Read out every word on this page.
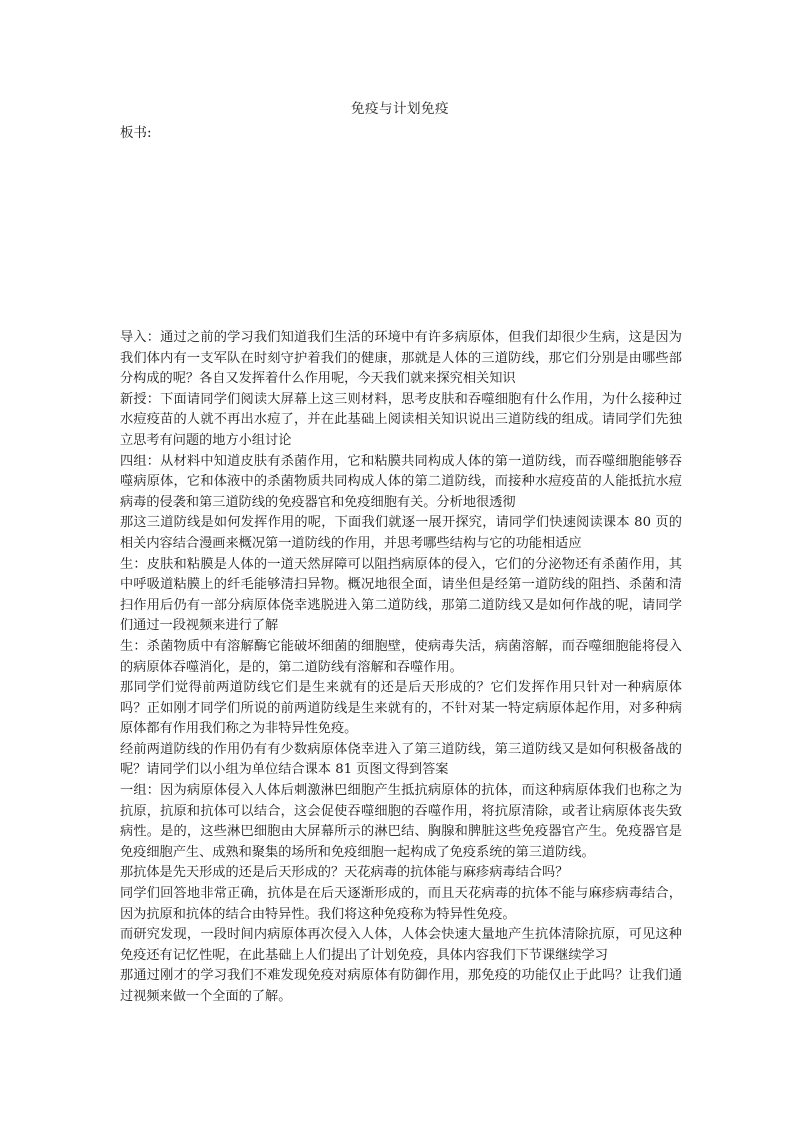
免疫与计划免疫
板书:

导入：通过之前的学习我们知道我们生活的环境中有许多病原体，但我们却很少生病，这是因为我们体内有一支军队在时刻守护着我们的健康，那就是人体的三道防线，那它们分别是由哪些部分构成的呢？各自又发挥着什么作用呢，今天我们就来探究相关知识

新授：下面请同学们阅读大屏幕上这三则材料，思考皮肤和吞噬细胞有什么作用，为什么接种过水痘疫苗的人就不再出水痘了，并在此基础上阅读相关知识说出三道防线的组成。请同学们先独立思考有问题的地方小组讨论

四组：从材料中知道皮肤有杀菌作用，它和粘膜共同构成人体的第一道防线，而吞噬细胞能够吞噬病原体，它和体液中的杀菌物质共同构成人体的第二道防线，而接种水痘疫苗的人能抵抗水痘病毒的侵袭和第三道防线的免疫器官和免疫细胞有关。分析地很透彻

那这三道防线是如何发挥作用的呢，下面我们就逐一展开探究，请同学们快速阅读课本 80 页的相关内容结合漫画来概况第一道防线的作用，并思考哪些结构与它的功能相适应

生：皮肤和粘膜是人体的一道天然屏障可以阻挡病原体的侵入，它们的分泌物还有杀菌作用，其中呼吸道粘膜上的纤毛能够清扫异物。概况地很全面，请坐但是经第一道防线的阻挡、杀菌和清扫作用后仍有一部分病原体侥幸逃脱进入第二道防线，那第二道防线又是如何作战的呢，请同学们通过一段视频来进行了解

生：杀菌物质中有溶解酶它能破坏细菌的细胞壁，使病毒失活，病菌溶解，而吞噬细胞能将侵入的病原体吞噬消化，是的，第二道防线有溶解和吞噬作用。

那同学们觉得前两道防线它们是生来就有的还是后天形成的？它们发挥作用只针对一种病原体吗？正如刚才同学们所说的前两道防线是生来就有的，不针对某一特定病原体起作用，对多种病原体都有作用我们称之为非特异性免疫。

经前两道防线的作用仍有有少数病原体侥幸进入了第三道防线，第三道防线又是如何积极备战的呢？请同学们以小组为单位结合课本 81 页图文得到答案

一组：因为病原体侵入人体后刺激淋巴细胞产生抵抗病原体的抗体，而这种病原体我们也称之为抗原，抗原和抗体可以结合，这会促使吞噬细胞的吞噬作用，将抗原清除，或者让病原体丧失致病性。是的，这些淋巴细胞由大屏幕所示的淋巴结、胸腺和脾脏这些免疫器官产生。免疫器官是免疫细胞产生、成熟和聚集的场所和免疫细胞一起构成了免疫系统的第三道防线。

那抗体是先天形成的还是后天形成的？天花病毒的抗体能与麻疹病毒结合吗？

同学们回答地非常正确，抗体是在后天逐渐形成的，而且天花病毒的抗体不能与麻疹病毒结合，因为抗原和抗体的结合由特异性。我们将这种免疫称为特异性免疫。

而研究发现，一段时间内病原体再次侵入人体，人体会快速大量地产生抗体清除抗原，可见这种免疫还有记忆性呢，在此基础上人们提出了计划免疫，具体内容我们下节课继续学习

那通过刚才的学习我们不难发现免疫对病原体有防御作用，那免疫的功能仅止于此吗？让我们通过视频来做一个全面的了解。
